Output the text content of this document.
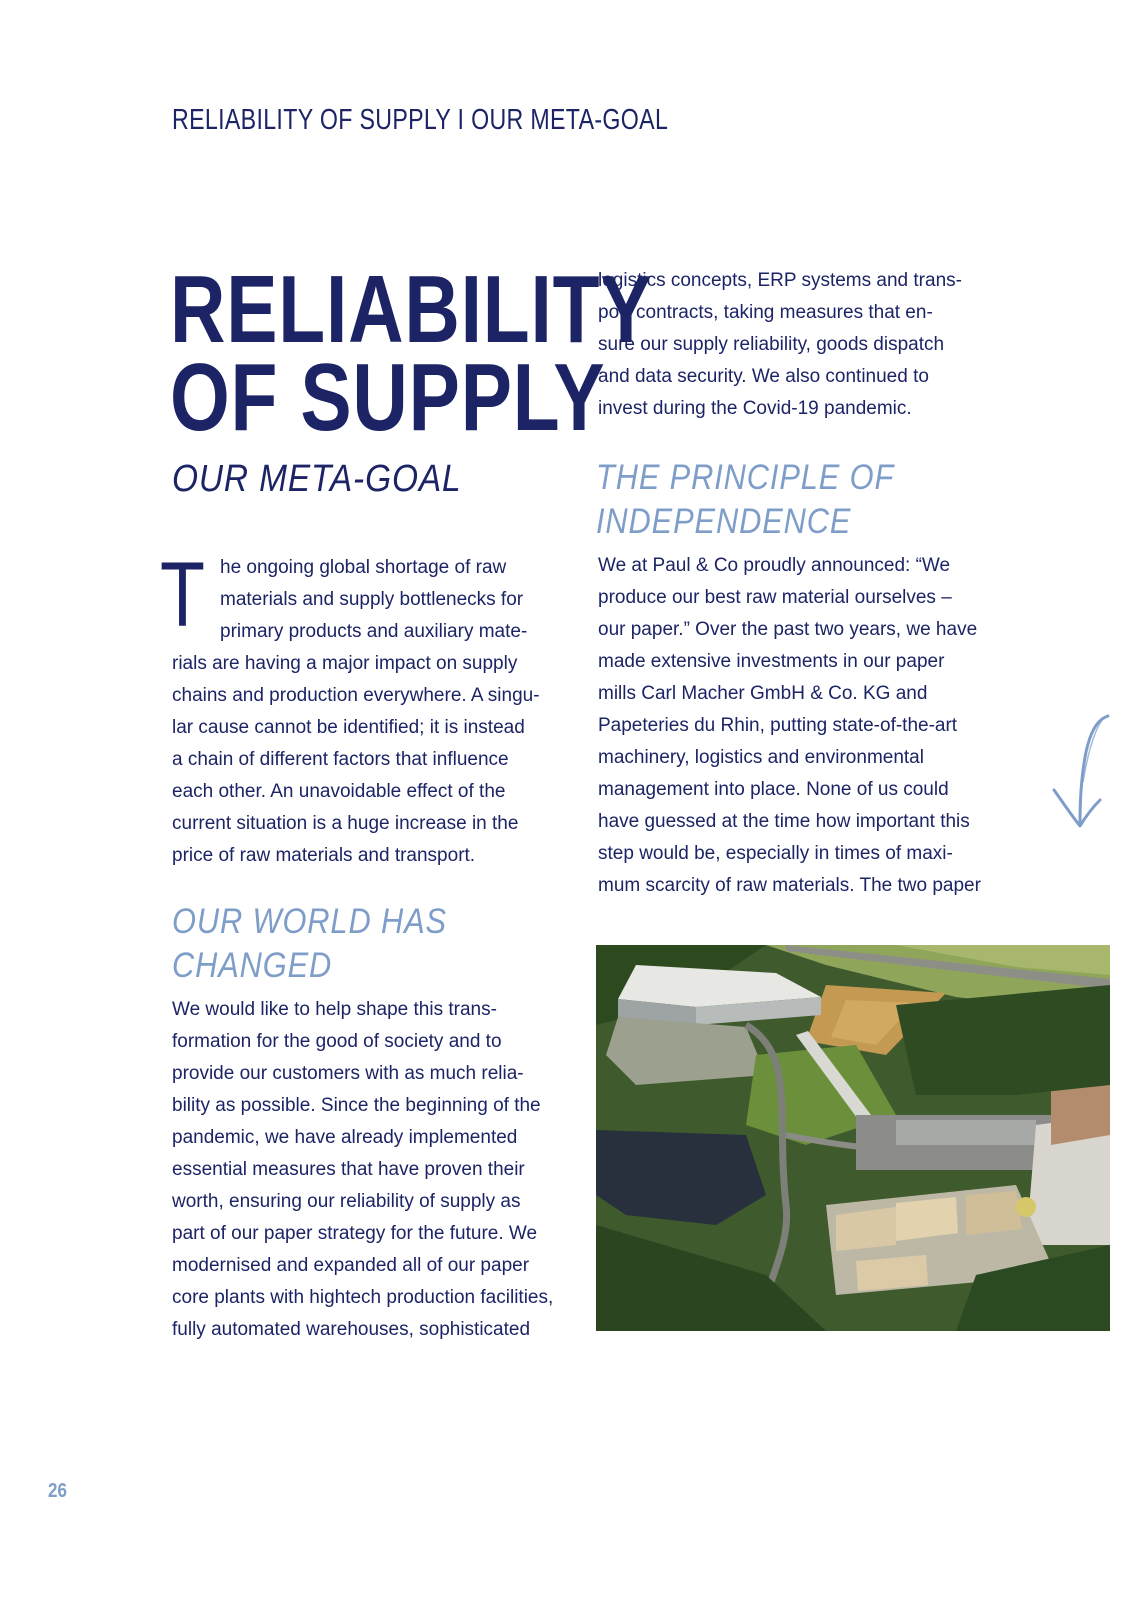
RELIABILITY OF SUPPLY I OUR META-GOAL
RELIABILITY
OF SUPPLY
OUR META-GOAL
T he ongoing global shortage of raw

materials and supply bottlenecks for

primary products and auxiliary mate-

rials are having a major impact on supply

chains and production everywhere. A singu-

lar cause cannot be identified; it is instead

a chain of different factors that influence

each other. An unavoidable effect of the

current situation is a huge increase in the

price of raw materials and transport.

OUR WORLD HAS
CHANGED

We would like to help shape this trans-

formation for the good of society and to

provide our customers with as much relia-

bility as possible. Since the beginning of the

pandemic, we have already implemented

essential measures that have proven their

worth, ensuring our reliability of supply as

part of our paper strategy for the future. We

modernised and expanded all of our paper

core plants with hightech production facilities,

fully automated warehouses, sophisticated

logistics concepts, ERP systems and trans-

port contracts, taking measures that en-

sure our supply reliability, goods dispatch

and data security. We also continued to

invest during the Covid-19 pandemic.

THE PRINCIPLE OF
INDEPENDENCE

We at Paul & Co proudly announced: “We

produce our best raw material ourselves –

our paper.” Over the past two years, we have

made extensive investments in our paper

mills Carl Macher GmbH & Co. KG and

Papeteries du Rhin, putting state-of-the-art

machinery, logistics and environmental

management into place. None of us could

have guessed at the time how important this

step would be, especially in times of maxi-

mum scarcity of raw materials. The two paper

26
